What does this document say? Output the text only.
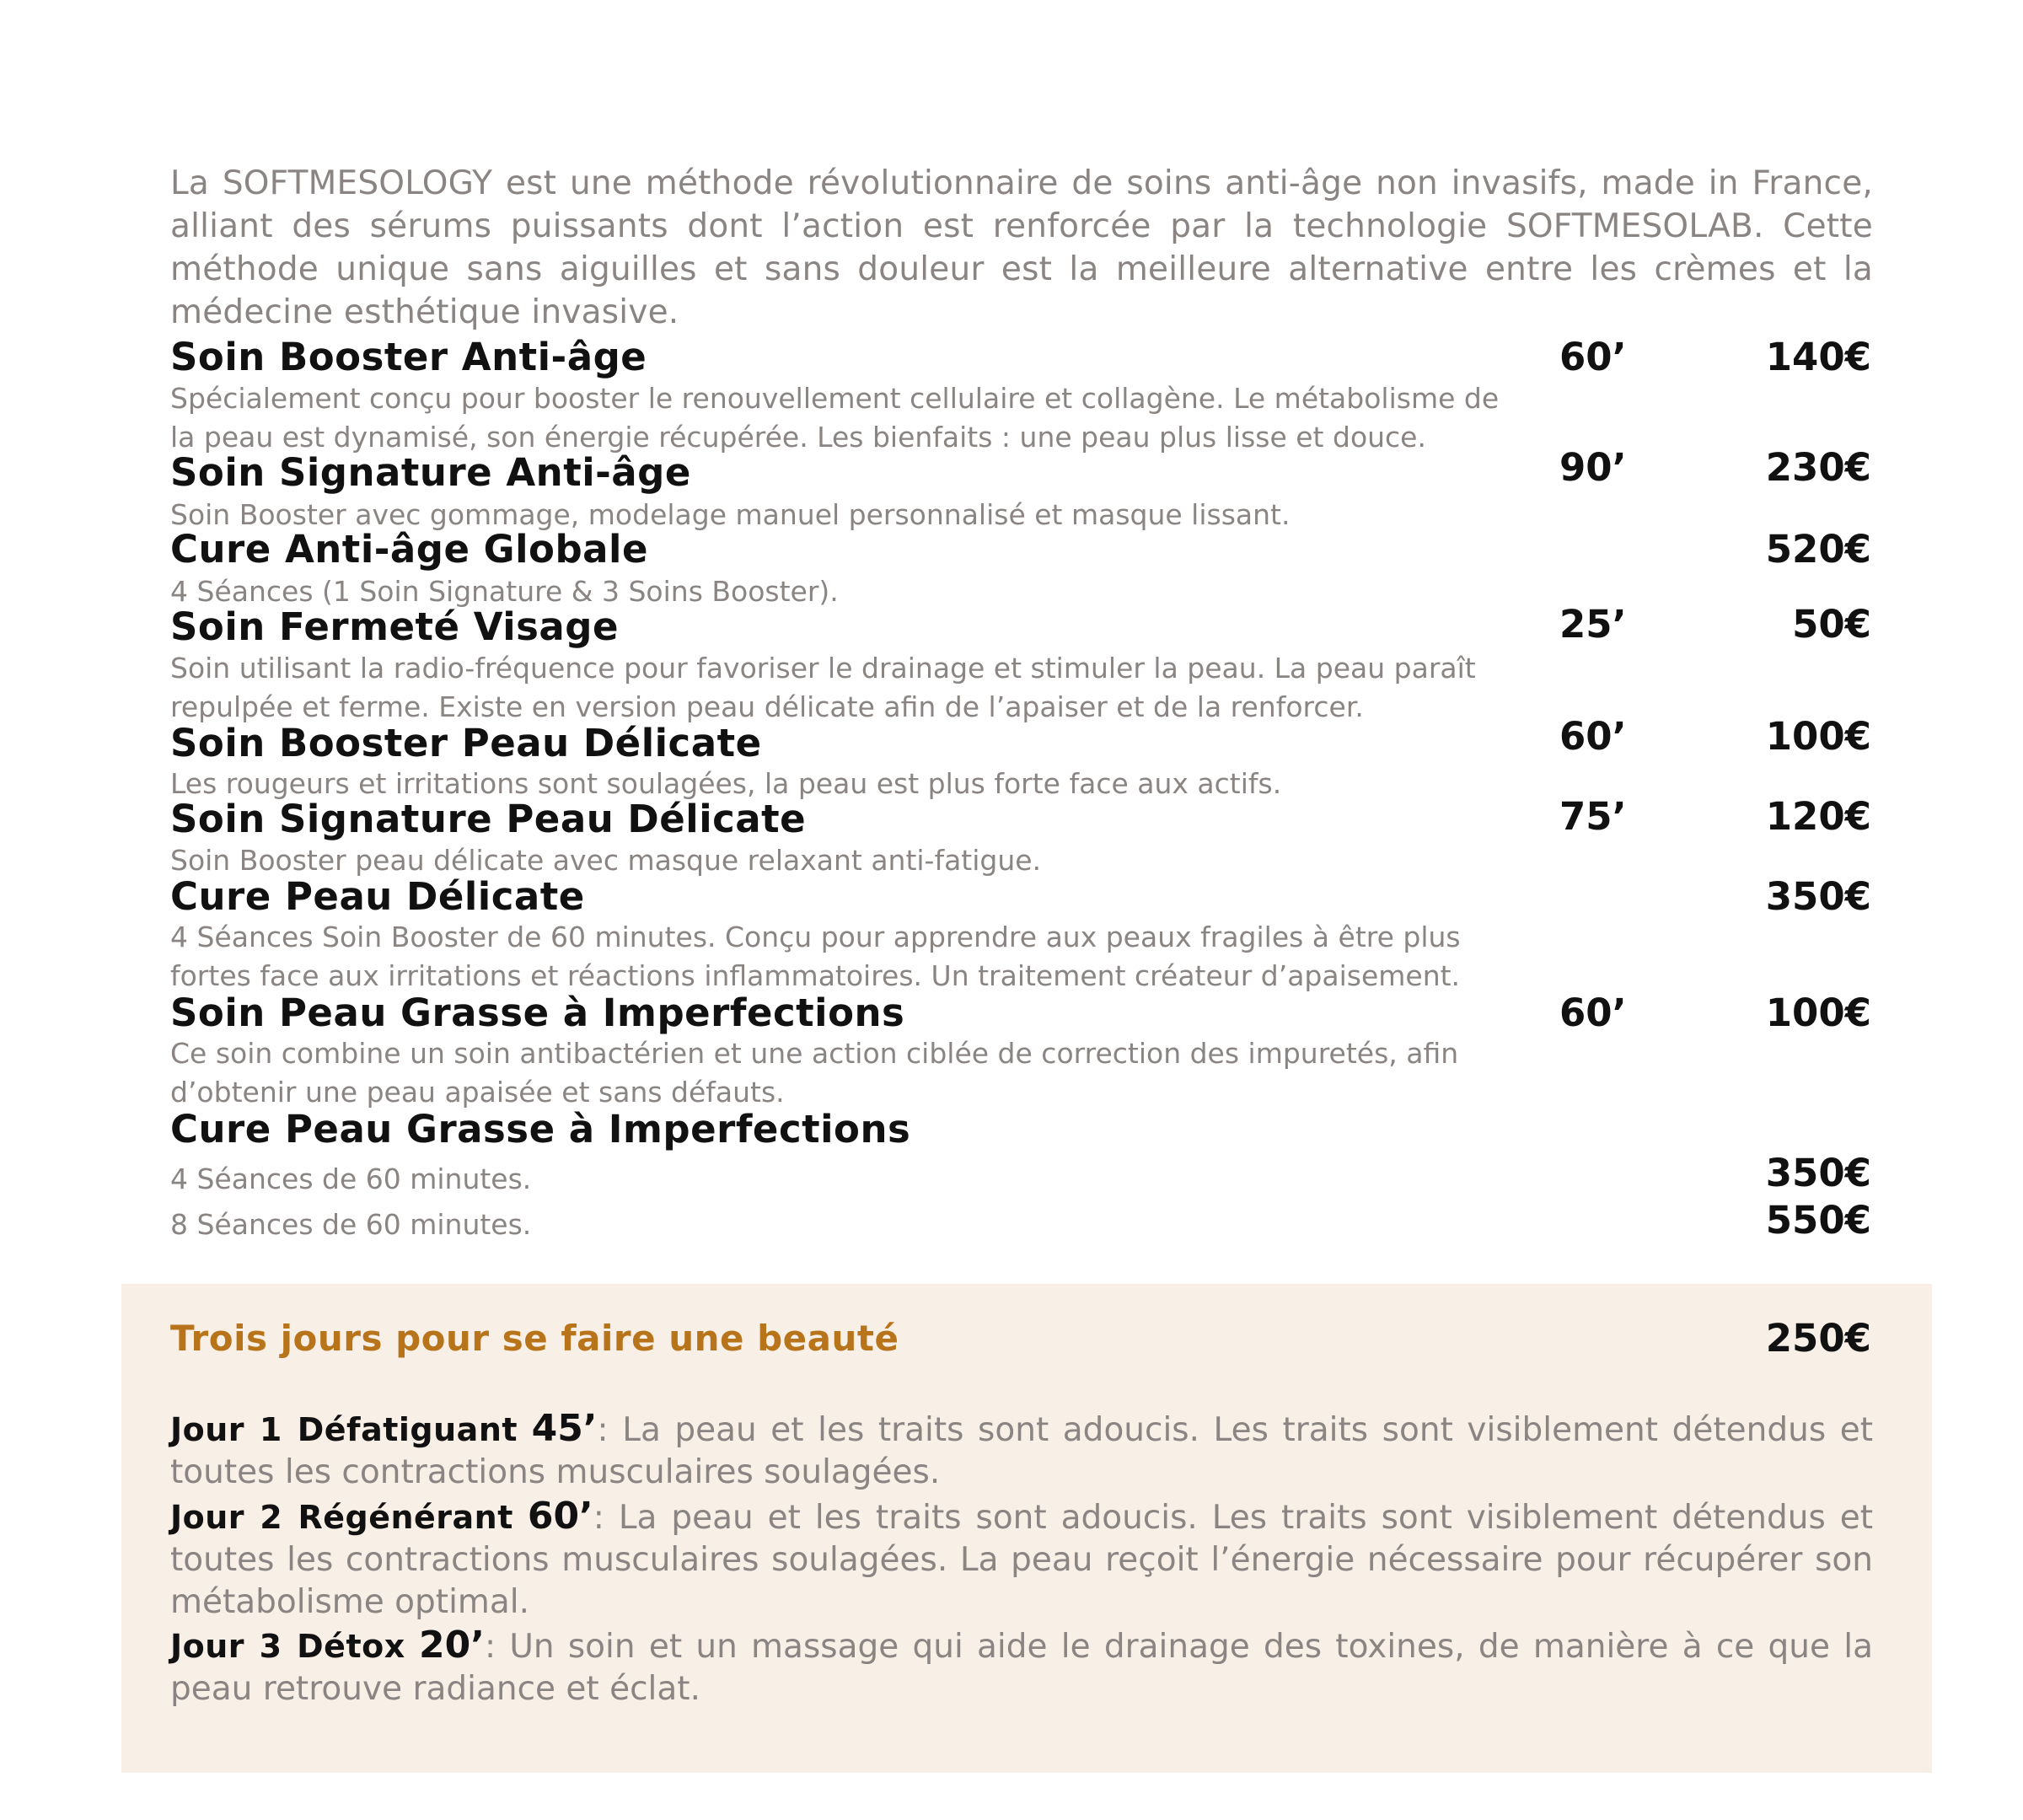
La SOFTMESOLOGY est une méthode révolutionnaire de soins anti-âge non invasifs, made in France, alliant des sérums puissants dont l’action est renforcée par la technologie SOFTMESOLAB. Cette méthode unique sans aiguilles et sans douleur est la meilleure alternative entre les crèmes et la médecine esthétique invasive.

Soin Booster Anti-âge	60’	140€
Spécialement conçu pour booster le renouvellement cellulaire et collagène. Le métabolisme de la peau est dynamisé, son énergie récupérée. Les bienfaits : une peau plus lisse et douce.
Soin Signature Anti-âge	90’	230€
Soin Booster avec gommage, modelage manuel personnalisé et masque lissant.
Cure Anti-âge Globale	520€
4 Séances (1 Soin Signature & 3 Soins Booster).
Soin Fermeté Visage	25’	50€
Soin utilisant la radio-fréquence pour favoriser le drainage et stimuler la peau. La peau paraît repulpée et ferme. Existe en version peau délicate afin de l’apaiser et de la renforcer.
Soin Booster Peau Délicate	60’	100€
Les rougeurs et irritations sont soulagées, la peau est plus forte face aux actifs.
Soin Signature Peau Délicate	75’	120€
Soin Booster peau délicate avec masque relaxant anti-fatigue.
Cure Peau Délicate	350€
4 Séances Soin Booster de 60 minutes. Conçu pour apprendre aux peaux fragiles à être plus fortes face aux irritations et réactions inflammatoires. Un traitement créateur d’apaisement.
Soin Peau Grasse à Imperfections	60’	100€
Ce soin combine un soin antibactérien et une action ciblée de correction des impuretés, afin d’obtenir une peau apaisée et sans défauts.
Cure Peau Grasse à Imperfections
4 Séances de 60 minutes.	350€
8 Séances de 60 minutes.	550€
Trois jours pour se faire une beauté	250€

Jour 1 Défatiguant 45’: La peau et les traits sont adoucis. Les traits sont visiblement détendus et toutes les contractions musculaires soulagées.

Jour 2 Régénérant 60’: La peau et les traits sont adoucis. Les traits sont visiblement détendus et toutes les contractions musculaires soulagées. La peau reçoit l’énergie nécessaire pour récupérer son métabolisme optimal.

Jour 3 Détox 20’: Un soin et un massage qui aide le drainage des toxines, de manière à ce que la peau retrouve radiance et éclat.
